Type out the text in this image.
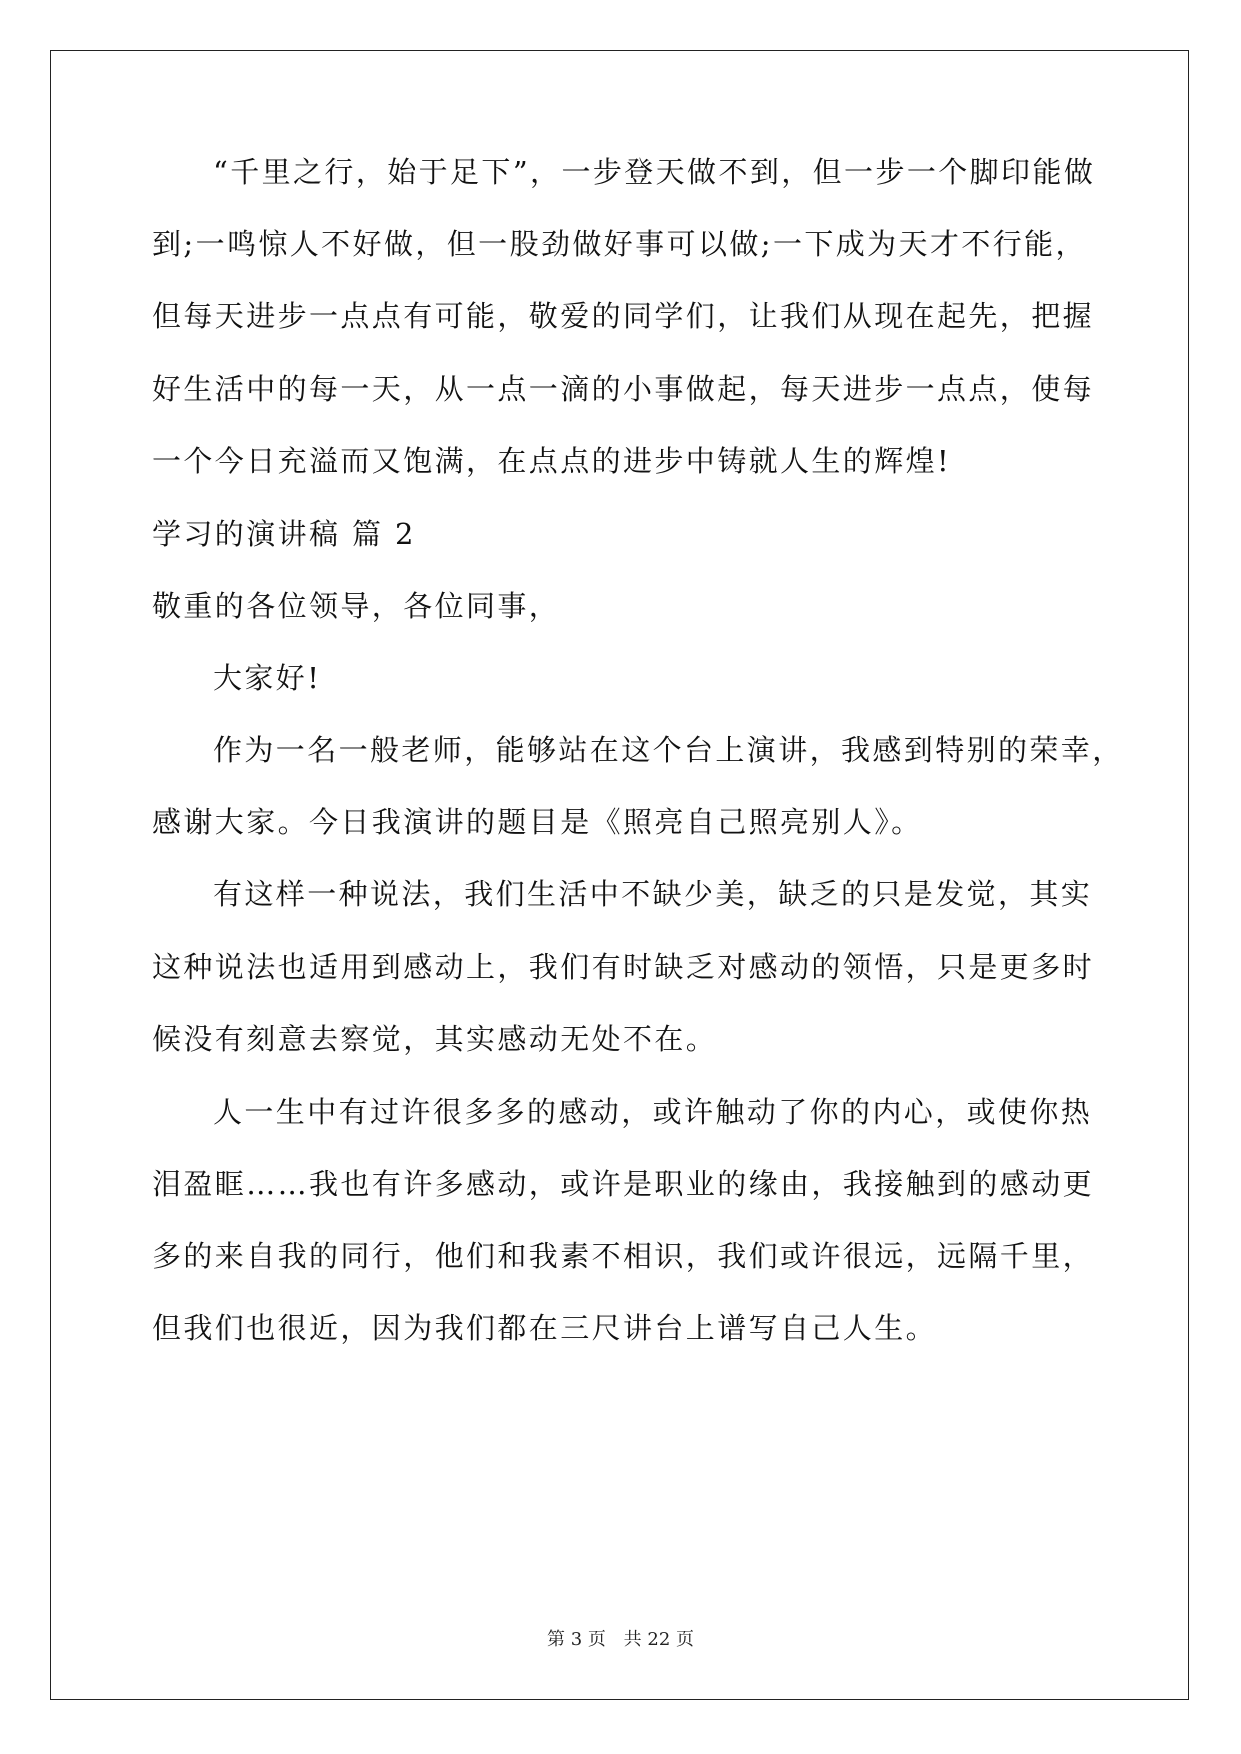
“千里之行，始于足下”，一步登天做不到，但一步一个脚印能做
到;一鸣惊人不好做，但一股劲做好事可以做;一下成为天才不行能，
但每天进步一点点有可能，敬爱的同学们，让我们从现在起先，把握
好生活中的每一天，从一点一滴的小事做起，每天进步一点点，使每
一个今日充溢而又饱满，在点点的进步中铸就人生的辉煌!
学习的演讲稿 篇 2
敬重的各位领导，各位同事，
大家好!
作为一名一般老师，能够站在这个台上演讲，我感到特别的荣幸，
感谢大家。今日我演讲的题目是《照亮自己照亮别人》。
有这样一种说法，我们生活中不缺少美，缺乏的只是发觉，其实
这种说法也适用到感动上，我们有时缺乏对感动的领悟，只是更多时
候没有刻意去察觉，其实感动无处不在。
人一生中有过许很多多的感动，或许触动了你的内心，或使你热
泪盈眶……我也有许多感动，或许是职业的缘由，我接触到的感动更
多的来自我的同行，他们和我素不相识，我们或许很远，远隔千里，
但我们也很近，因为我们都在三尺讲台上谱写自己人生。
第 3 页 共 22 页
